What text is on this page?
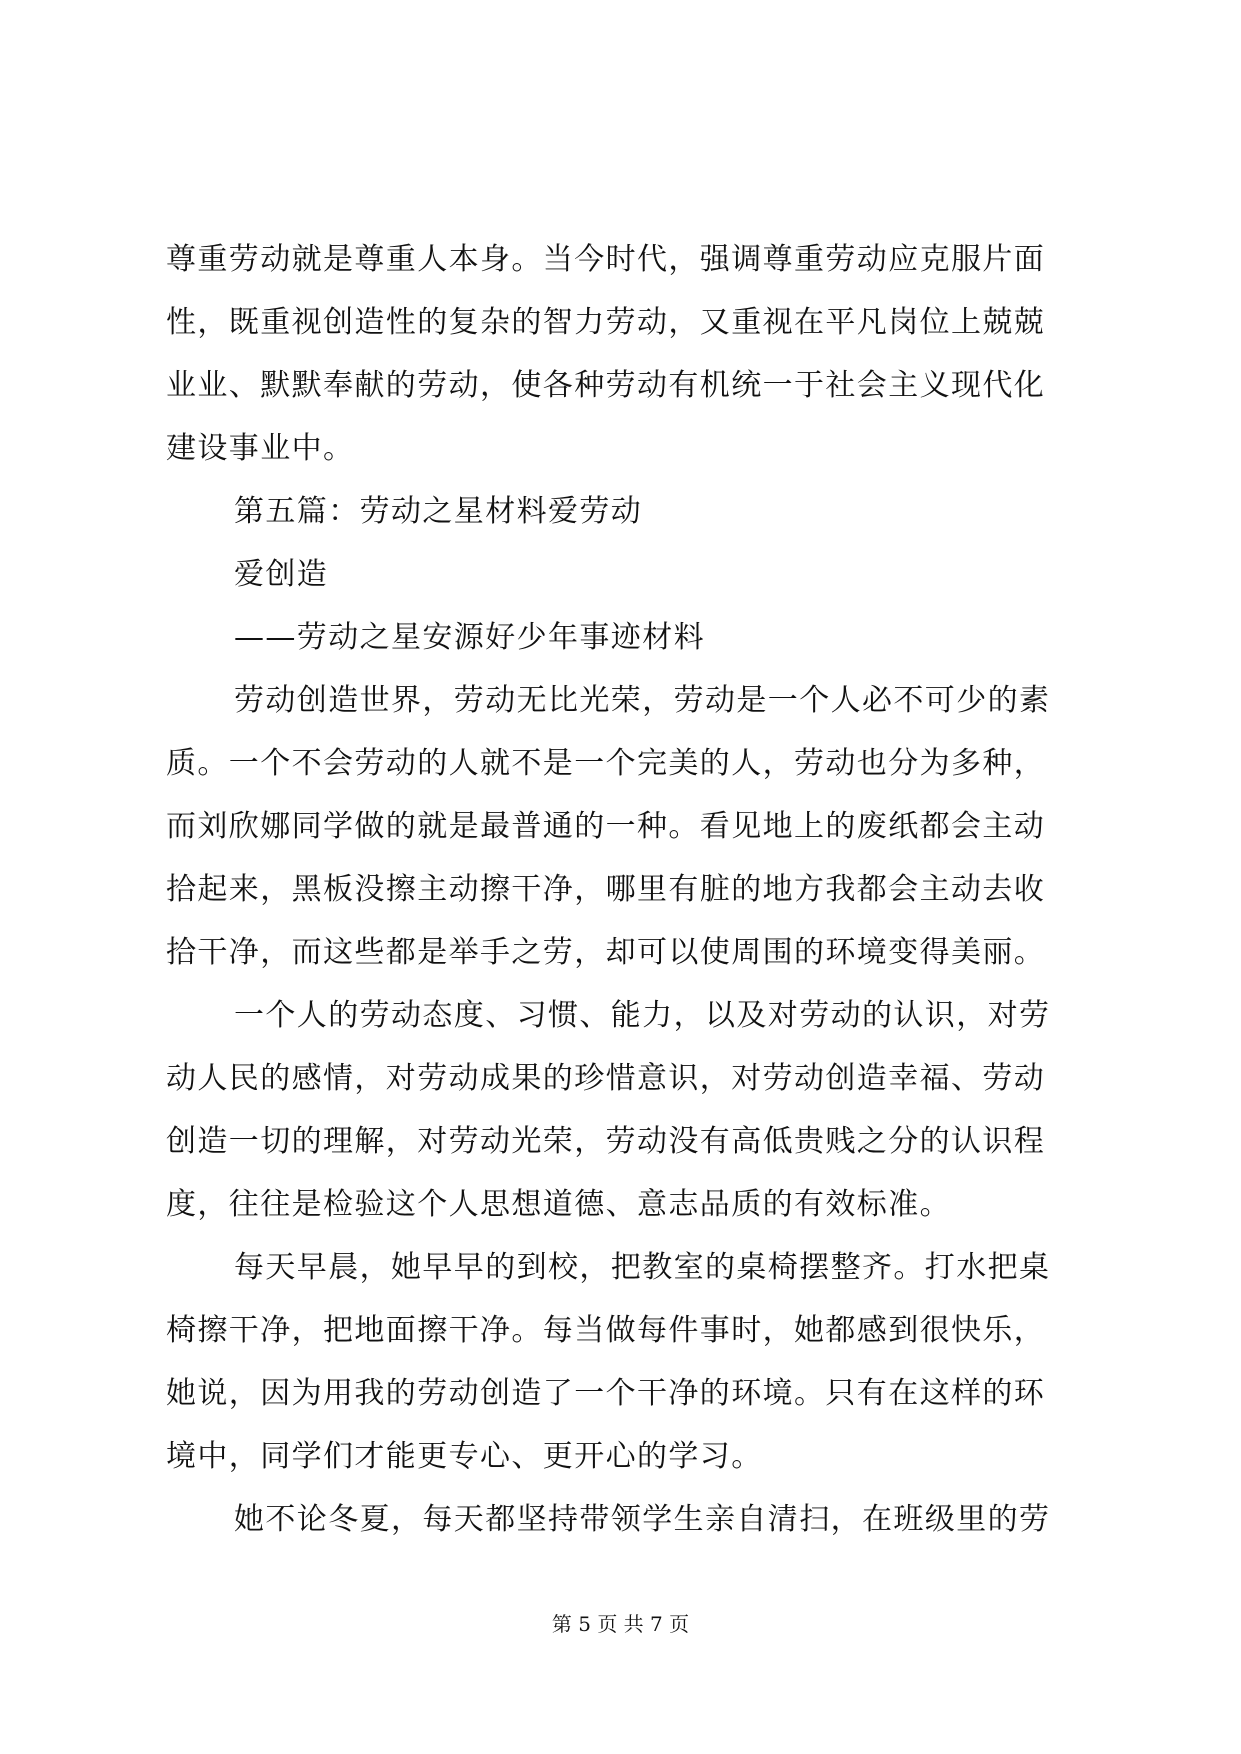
尊重劳动就是尊重人本身。当今时代，强调尊重劳动应克服片面
性，既重视创造性的复杂的智力劳动，又重视在平凡岗位上兢兢
业业、默默奉献的劳动，使各种劳动有机统一于社会主义现代化
建设事业中。
第五篇：劳动之星材料爱劳动
爱创造
——劳动之星安源好少年事迹材料
劳动创造世界，劳动无比光荣，劳动是一个人必不可少的素
质。一个不会劳动的人就不是一个完美的人，劳动也分为多种，
而刘欣娜同学做的就是最普通的一种。看见地上的废纸都会主动
拾起来，黑板没擦主动擦干净，哪里有脏的地方我都会主动去收
拾干净，而这些都是举手之劳，却可以使周围的环境变得美丽。
一个人的劳动态度、习惯、能力，以及对劳动的认识，对劳
动人民的感情，对劳动成果的珍惜意识，对劳动创造幸福、劳动
创造一切的理解，对劳动光荣，劳动没有高低贵贱之分的认识程
度，往往是检验这个人思想道德、意志品质的有效标准。
每天早晨，她早早的到校，把教室的桌椅摆整齐。打水把桌
椅擦干净，把地面擦干净。每当做每件事时，她都感到很快乐，
她说，因为用我的劳动创造了一个干净的环境。只有在这样的环
境中，同学们才能更专心、更开心的学习。
她不论冬夏，每天都坚持带领学生亲自清扫，在班级里的劳
第 5 页 共 7 页
